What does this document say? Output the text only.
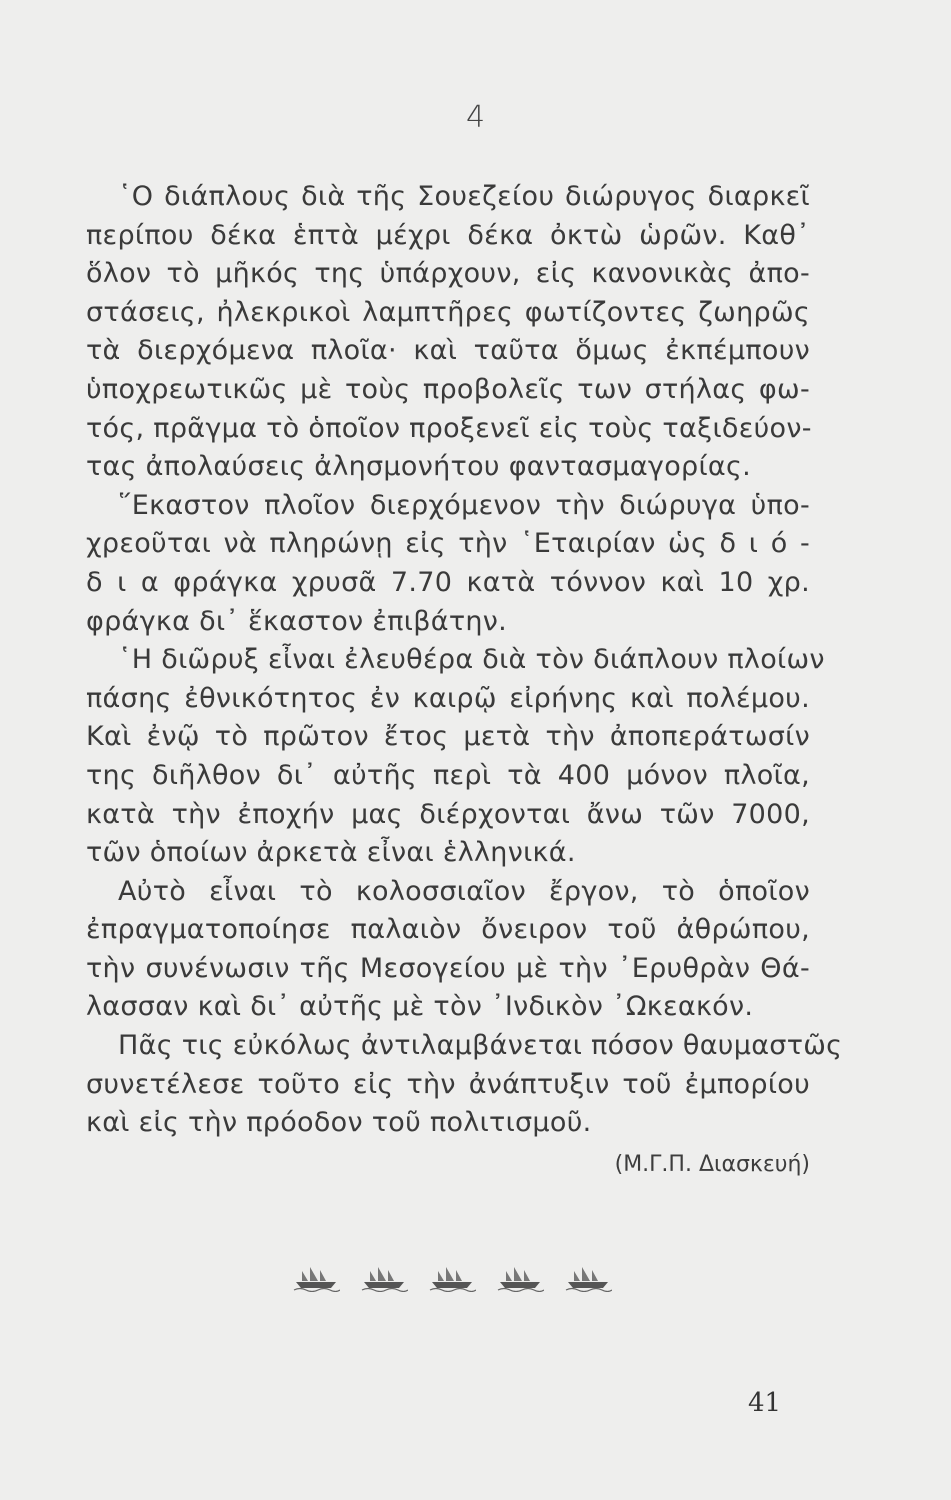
4
῾Ο διάπλους διὰ τῆς Σουεζείου διώρυγος διαρκεῖ
περίπου δέκα ἑπτὰ μέχρι δέκα ὀκτὼ ὡρῶν. Καθ᾽
ὅλον τὸ μῆκός της ὑπάρχουν, εἰς κανονικὰς ἀπο-
στάσεις, ἠλεκρικοὶ λαμπτῆρες φωτίζοντες ζωηρῶς
τὰ διερχόμενα πλοῖα· καὶ ταῦτα ὅμως ἐκπέμπουν
ὑποχρεωτικῶς μὲ τοὺς προβολεῖς των στήλας φω-
τός, πρᾶγμα τὸ ὁποῖον προξενεῖ εἰς τοὺς ταξιδεύον-
τας ἀπολαύσεις ἀλησμονήτου φαντασμαγορίας.
῞Εκαστον πλοῖον διερχόμενον τὴν διώρυγα ὑπο-
χρεοῦται νὰ πληρώνῃ εἰς τὴν ῾Εταιρίαν ὡς δ ι ό -
δ ι α φράγκα χρυσᾶ 7.70 κατὰ τόννον καὶ 10 χρ.
φράγκα δι᾽ ἕκαστον ἐπιβάτην.
῾Η διῶρυξ εἶναι ἐλευθέρα διὰ τὸν διάπλουν πλοίων
πάσης ἐθνικότητος ἐν καιρῷ εἰρήνης καὶ πολέμου.
Καὶ ἐνῷ τὸ πρῶτον ἔτος μετὰ τὴν ἀποπεράτωσίν
της διῆλθον δι᾽ αὐτῆς περὶ τὰ 400 μόνον πλοῖα,
κατὰ τὴν ἐποχήν μας διέρχονται ἄνω τῶν 7000,
τῶν ὁποίων ἀρκετὰ εἶναι ἑλληνικά.
Αὐτὸ εἶναι τὸ κολοσσιαῖον ἔργον, τὸ ὁποῖον
ἐπραγματοποίησε παλαιὸν ὄνειρον τοῦ ἀθρώπου,
τὴν συνένωσιν τῆς Μεσογείου μὲ τὴν ᾿Ερυθρὰν Θά-
λασσαν καὶ δι᾽ αὐτῆς μὲ τὸν ᾿Ινδικὸν ᾿Ωκεακόν.
Πᾶς τις εὐκόλως ἀντιλαμβάνεται πόσον θαυμαστῶς
συνετέλεσε τοῦτο εἰς τὴν ἀνάπτυξιν τοῦ ἐμπορίου
καὶ εἰς τὴν πρόοδον τοῦ πολιτισμοῦ.
(Μ.Γ.Π. Διασκευή)
41
